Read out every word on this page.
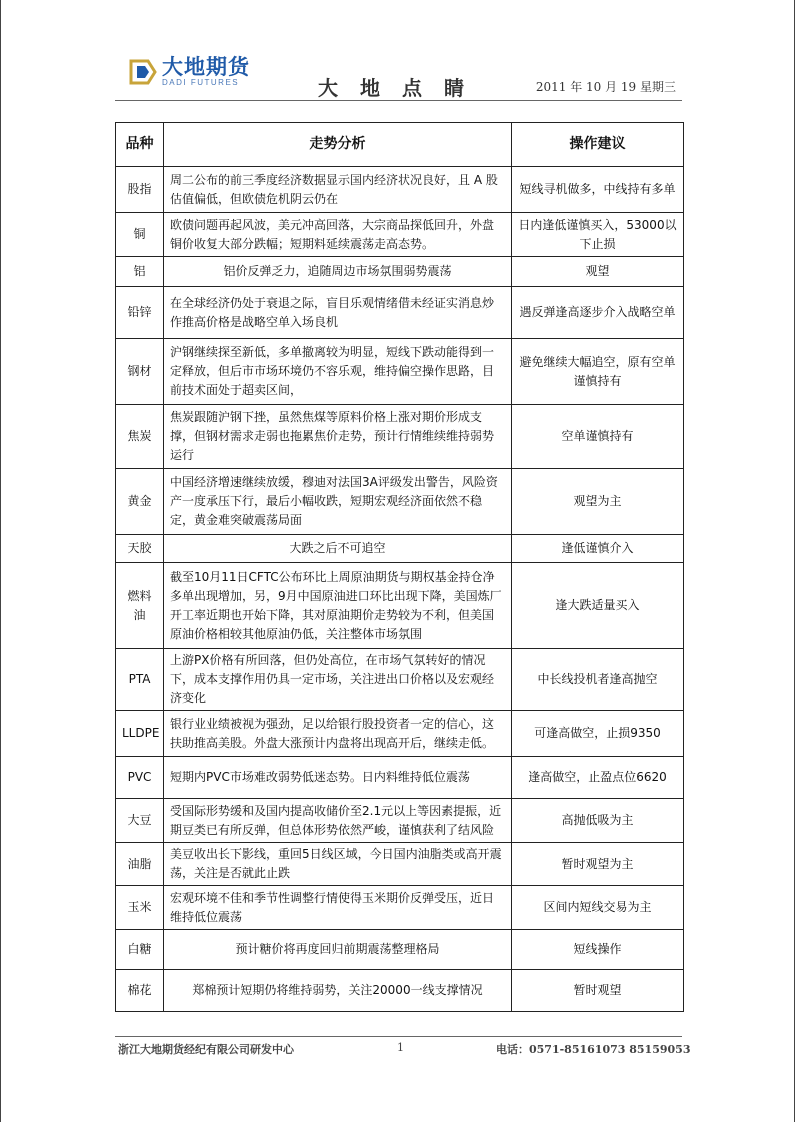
大地期货
DADI FUTURES	大地点睛	2011 年 10 月 19 星期三
品种	走势分析	操作建议
股指	周二公布的前三季度经济数据显示国内经济状况良好，且 A 股估值偏低，但欧债危机阴云仍在	短线寻机做多，中线持有多单
铜	欧债问题再起风波，美元冲高回落，大宗商品探低回升，外盘铜价收复大部分跌幅；短期料延续震荡走高态势。	日内逢低谨慎买入，53000以下止损
铝	铝价反弹乏力，追随周边市场氛围弱势震荡	观望
铅锌	在全球经济仍处于衰退之际，盲目乐观情绪借未经证实消息炒作推高价格是战略空单入场良机	遇反弹逢高逐步介入战略空单
钢材	沪钢继续探至新低，多单撤离较为明显，短线下跌动能得到一定释放，但后市市场环境仍不容乐观，维持偏空操作思路，目前技术面处于超卖区间，	避免继续大幅追空，原有空单谨慎持有
焦炭	焦炭跟随沪钢下挫，虽然焦煤等原料价格上涨对期价形成支撑，但钢材需求走弱也拖累焦价走势，预计行情维续维持弱势运行	空单谨慎持有
黄金	中国经济增速继续放缓，穆迪对法国3A评级发出警告，风险资产一度承压下行，最后小幅收跌，短期宏观经济面依然不稳定，黄金难突破震荡局面	观望为主
天胶	大跌之后不可追空	逢低谨慎介入
燃料油	截至10月11日CFTC公布环比上周原油期货与期权基金持仓净多单出现增加，另，9月中国原油进口环比出现下降，美国炼厂开工率近期也开始下降，其对原油期价走势较为不利，但美国原油价格相较其他原油仍低，关注整体市场氛围	逢大跌适量买入
PTA	上游PX价格有所回落，但仍处高位，在市场气氛转好的情况下，成本支撑作用仍具一定市场，关注进出口价格以及宏观经济变化	中长线投机者逢高抛空
LLDPE	银行业业绩被视为强劲，足以给银行股投资者一定的信心，这扶助推高美股。外盘大涨预计内盘将出现高开后，继续走低。	可逢高做空，止损9350
PVC	短期内PVC市场难改弱势低迷态势。日内料维持低位震荡	逢高做空，止盈点位6620
大豆	受国际形势缓和及国内提高收储价至2.1元以上等因素提振，近期豆类已有所反弹，但总体形势依然严峻，谨慎获利了结风险	高抛低吸为主
油脂	美豆收出长下影线，重回5日线区域，今日国内油脂类或高开震荡，关注是否就此止跌	暂时观望为主
玉米	宏观环境不佳和季节性调整行情使得玉米期价反弹受压，近日维持低位震荡	区间内短线交易为主
白糖	预计糖价将再度回归前期震荡整理格局	短线操作
棉花	郑棉预计短期仍将维持弱势，关注20000一线支撑情况	暂时观望
浙江大地期货经纪有限公司研发中心	1	电话：0571-85161073 85159053
